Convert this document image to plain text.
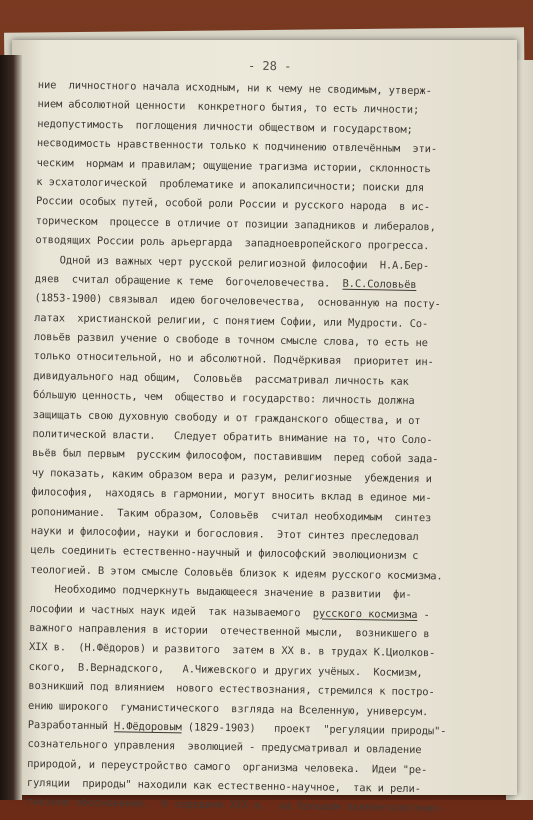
- 28 -
ние  личностного начала исходным, ни к чему не сводимым, утверж-
нием абсолютной ценности  конкретного бытия, то есть личности;
недопустимость  поглощения личности обществом и государством;
несводимость нравственности только к подчинению отвлечённым  эти-
ческим  нормам и правилам; ощущение трагизма истории, склонность
к эсхатологической  проблематике и апокалипсичности; поиски для
России особых путей, особой роли России и русского народа  в ис-
торическом  процессе в отличие от позиции западников и либералов,
отводящих России роль арьергарда  западноевропейского прогресса.
Одной из важных черт русской религиозной философии  Н.А.Бер-
дяев  считал обращение к теме  богочеловечества.  В.С.Соловьёв
(1853-1900) связывал  идею богочеловечества,  основанную на посту-
латах  христианской религии, с понятием Софии, или Мудрости. Со-
ловьёв развил учение о свободе в точном смысле слова, то есть не
только относительной, но и абсолютной. Подчёркивая  приоритет ин-
дивидуального над общим,  Соловьёв  рассматривал личность как
бо́льшую ценность, чем  общество и государство: личность должна
защищать свою духовную свободу и от гражданского общества, и от
политической власти.   Следует обратить внимание на то, что Соло-
вьёв был первым  русским философом, поставившим  перед собой зада-
чу показать, каким образом вера и разум, религиозные  убеждения и
философия,  находясь в гармонии, могут вносить вклад в единое ми-
ропонимание.  Таким образом, Соловьёв  считал необходимым  синтез
науки и философии, науки и богословия.  Этот синтез преследовал
цель соединить естественно-научный и философский эволюционизм с
теологией. В этом смысле Соловьёв близок к идеям русского космизма.
Необходимо подчеркнуть выдающееся значение в развитии  фи-
лософии и частных наук идей  так называемого  русского космизма -
важного направления в истории  отечественной мысли,  возникшего в
XIX в.  (Н.Фёдоров) и развитого  затем в XX в. в трудах К.Циолков-
ского,  В.Вернадского,   А.Чижевского и других учёных.  Космизм,
возникший под влиянием  нового естествознания, стремился к постро-
ению широкого  гуманистического  взгляда на Вселенную, универсум.
Разработанный Н.Фёдоровым (1829-1903)   проект  "регуляции природы"-
сознательного управления  эволюцией - предусматривал и овладение
природой, и переустройство самого  организма человека.  Идеи "ре-
гуляции  природы" находили как естественно-научное,  так и рели-
гиозное обоснование.  К середине XIX в.  на большом палеонтологичес-
